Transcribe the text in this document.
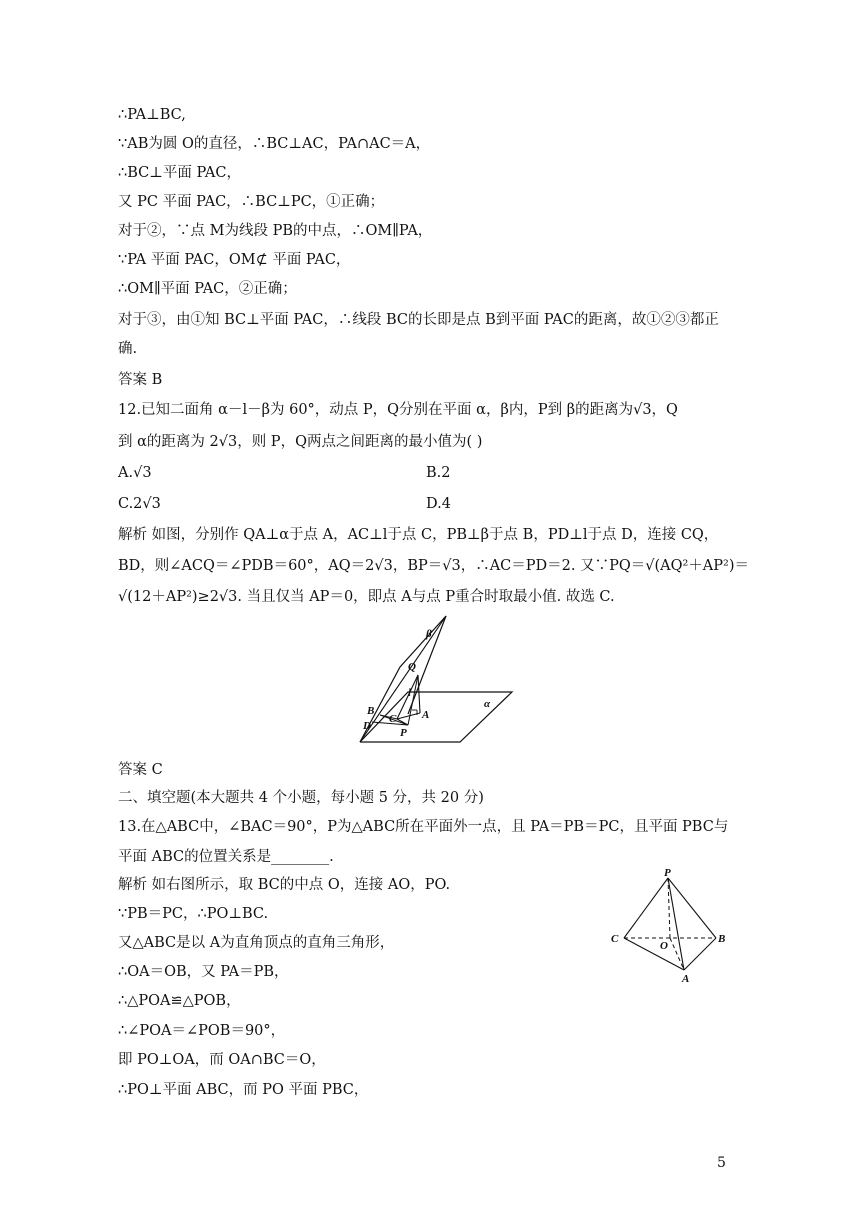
∴PA⊥BC,
∵AB为圆 O的直径，∴BC⊥AC，PA∩AC＝A，
∴BC⊥平面 PAC，
又 PC 平面 PAC，∴BC⊥PC，①正确；
对于②，∵点 M为线段 PB的中点，∴OM∥PA，
∵PA 平面 PAC，OM⊄ 平面 PAC，
∴OM∥平面 PAC，②正确；
对于③，由①知 BC⊥平面 PAC，∴线段 BC的长即是点 B到平面 PAC的距离，故①②③都正
确.
答案 B
12.已知二面角 α－l－β为 60°，动点 P，Q分别在平面 α，β内，P到 β的距离为√3，Q
到 α的距离为 2√3，则 P，Q两点之间距离的最小值为( )
A.√3	B.2
C.2√3	D.4
解析 如图，分别作 QA⊥α于点 A，AC⊥l于点 C，PB⊥β于点 B，PD⊥l于点 D，连接 CQ，
BD，则∠ACQ＝∠PDB＝60°，AQ＝2√3，BP＝√3，∴AC＝PD＝2. 又∵PQ＝√(AQ²＋AP²)＝
√(12＋AP²)≥2√3. 当且仅当 AP＝0，即点 A与点 P重合时取最小值. 故选 C.
β
Q
l
α
B
C A
D
P
答案 C
二、填空题(本大题共 4 个小题，每小题 5 分，共 20 分)
13.在△ABC中，∠BAC＝90°，P为△ABC所在平面外一点，且 PA＝PB＝PC，且平面 PBC与
平面 ABC的位置关系是________.
解析 如右图所示，取 BC的中点 O，连接 AO，PO.
∵PB＝PC，∴PO⊥BC.
又△ABC是以 A为直角顶点的直角三角形，
∴OA＝OB，又 PA＝PB，
∴△POA≌△POB，
∴∠POA＝∠POB＝90°，
即 PO⊥OA，而 OA∩BC＝O，
∴PO⊥平面 ABC，而 PO 平面 PBC，
P
C
O
B
A
5
